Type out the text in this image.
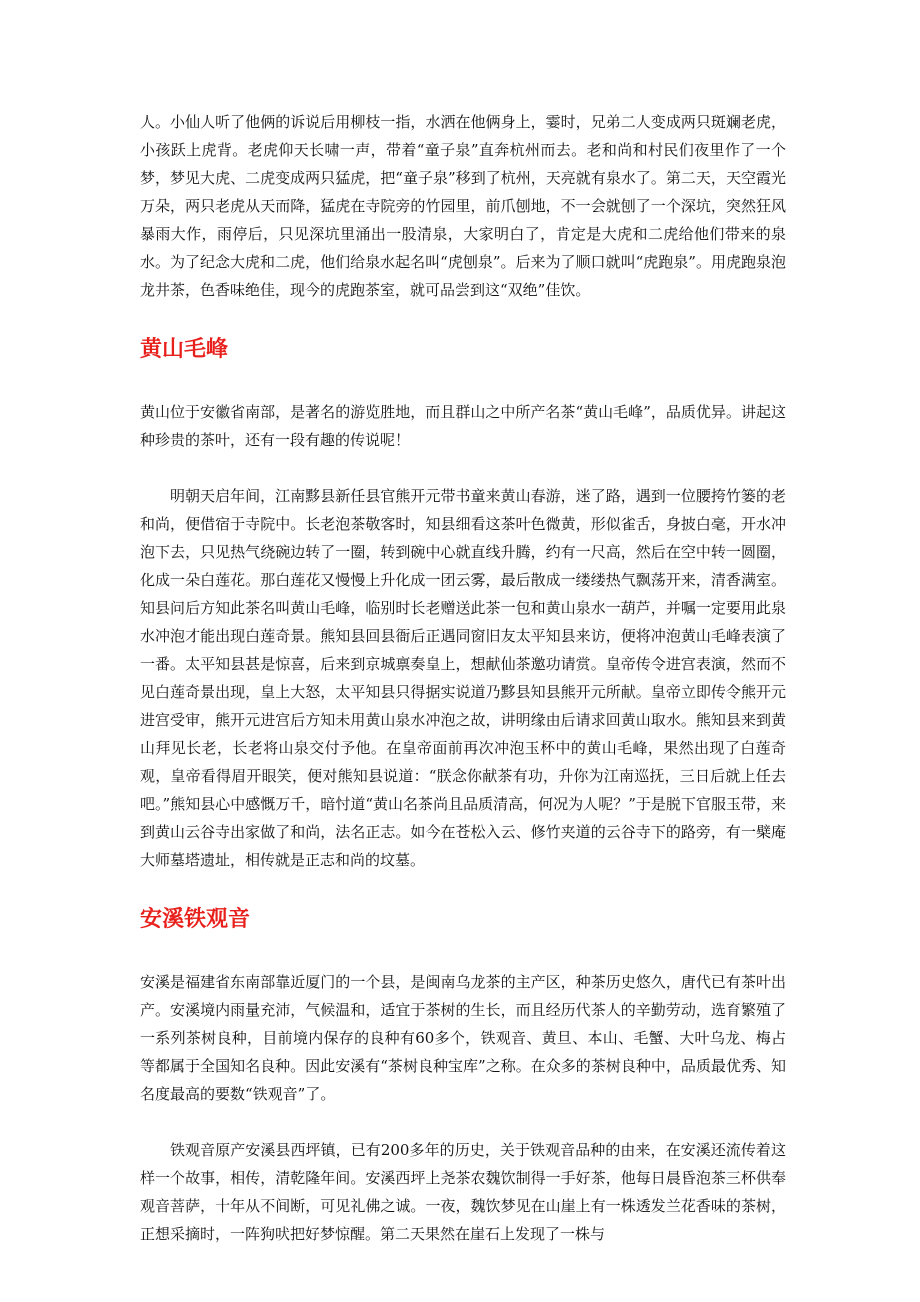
人。小仙人听了他俩的诉说后用柳枝一指，水洒在他俩身上，霎时，兄弟二人变成两只斑斓老虎，小孩跃上虎背。老虎仰天长啸一声，带着“童子泉”直奔杭州而去。老和尚和村民们夜里作了一个梦，梦见大虎、二虎变成两只猛虎，把“童子泉”移到了杭州，天亮就有泉水了。第二天，天空霞光万朵，两只老虎从天而降，猛虎在寺院旁的竹园里，前爪刨地，不一会就刨了一个深坑，突然狂风暴雨大作，雨停后，只见深坑里涌出一股清泉，大家明白了，肯定是大虎和二虎给他们带来的泉水。为了纪念大虎和二虎，他们给泉水起名叫“虎刨泉”。后来为了顺口就叫“虎跑泉”。用虎跑泉泡龙井茶，色香味绝佳，现今的虎跑茶室，就可品尝到这“双绝”佳饮。

黄山毛峰

黄山位于安徽省南部，是著名的游览胜地，而且群山之中所产名茶“黄山毛峰”，品质优异。讲起这种珍贵的茶叶，还有一段有趣的传说呢！

明朝天启年间，江南黟县新任县官熊开元带书童来黄山春游，迷了路，遇到一位腰挎竹篓的老和尚，便借宿于寺院中。长老泡茶敬客时，知县细看这茶叶色微黄，形似雀舌，身披白毫，开水冲泡下去，只见热气绕碗边转了一圈，转到碗中心就直线升腾，约有一尺高，然后在空中转一圆圈，化成一朵白莲花。那白莲花又慢慢上升化成一团云雾，最后散成一缕缕热气飘荡开来，清香满室。知县问后方知此茶名叫黄山毛峰，临别时长老赠送此茶一包和黄山泉水一葫芦，并嘱一定要用此泉水冲泡才能出现白莲奇景。熊知县回县衙后正遇同窗旧友太平知县来访，便将冲泡黄山毛峰表演了一番。太平知县甚是惊喜，后来到京城禀奏皇上，想献仙茶邀功请赏。皇帝传令进宫表演，然而不见白莲奇景出现，皇上大怒，太平知县只得据实说道乃黟县知县熊开元所献。皇帝立即传令熊开元进宫受审，熊开元进宫后方知未用黄山泉水冲泡之故，讲明缘由后请求回黄山取水。熊知县来到黄山拜见长老，长老将山泉交付予他。在皇帝面前再次冲泡玉杯中的黄山毛峰，果然出现了白莲奇观，皇帝看得眉开眼笑，便对熊知县说道：“朕念你献茶有功，升你为江南巡抚，三日后就上任去吧。”熊知县心中感慨万千，暗忖道“黄山名茶尚且品质清高，何况为人呢？”于是脱下官服玉带，来到黄山云谷寺出家做了和尚，法名正志。如今在苍松入云、修竹夹道的云谷寺下的路旁，有一檗庵大师墓塔遗址，相传就是正志和尚的坟墓。

安溪铁观音

安溪是福建省东南部靠近厦门的一个县，是闽南乌龙茶的主产区，种茶历史悠久，唐代已有茶叶出产。安溪境内雨量充沛，气候温和，适宜于茶树的生长，而且经历代茶人的辛勤劳动，选育繁殖了一系列茶树良种，目前境内保存的良种有60多个，铁观音、黄旦、本山、毛蟹、大叶乌龙、梅占等都属于全国知名良种。因此安溪有“茶树良种宝库”之称。在众多的茶树良种中，品质最优秀、知名度最高的要数“铁观音”了。

铁观音原产安溪县西坪镇，已有200多年的历史，关于铁观音品种的由来，在安溪还流传着这样一个故事，相传，清乾隆年间。安溪西坪上尧茶农魏饮制得一手好茶，他每日晨昏泡茶三杯供奉观音菩萨，十年从不间断，可见礼佛之诚。一夜，魏饮梦见在山崖上有一株透发兰花香味的茶树，正想采摘时，一阵狗吠把好梦惊醒。第二天果然在崖石上发现了一株与
